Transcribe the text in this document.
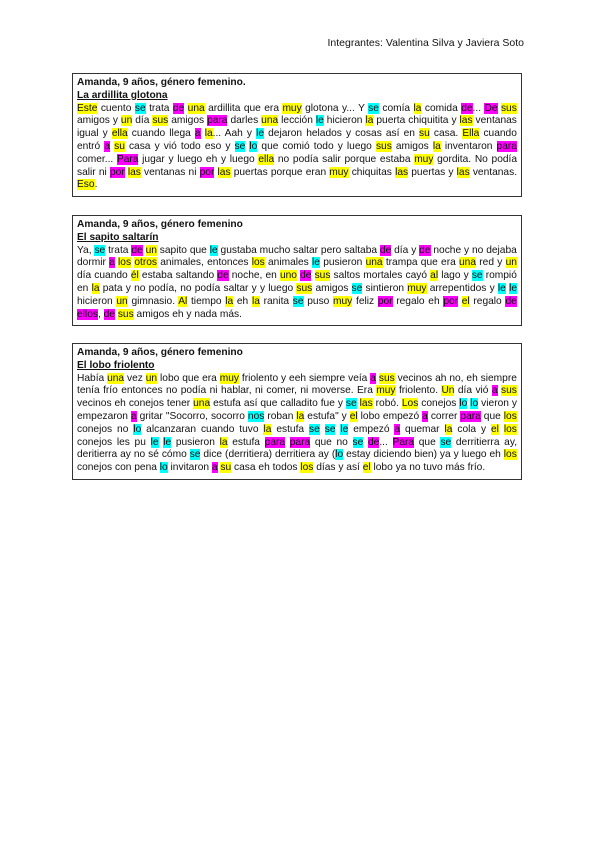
Integrantes: Valentina Silva y Javiera Soto
Amanda, 9 años, género femenino.
La ardillita glotona
Este cuento se trata de una ardillita que era muy glotona y... Y se comía la comida de... De sus amigos y un día sus amigos para darles una lección le hicieron la puerta chiquitita y las ventanas igual y ella cuando llega a la... Aah y le dejaron helados y cosas así en su casa. Ella cuando entró a su casa y vió todo eso y se lo que comió todo y luego sus amigos la inventaron para comer... Para jugar y luego eh y luego ella no podía salir porque estaba muy gordita. No podía salir ni por las ventanas ni por las puertas porque eran muy chiquitas las puertas y las ventanas. Eso.
Amanda, 9 años, género femenino
El sapito saltarín
Ya, se trata de un sapito que le gustaba mucho saltar pero saltaba de día y de noche y no dejaba dormir a los otros animales, entonces los animales le pusieron una trampa que era una red y un día cuando él estaba saltando de noche, en uno de sus saltos mortales cayó al lago y se rompió en la pata y no podía, no podía saltar y y luego sus amigos se sintieron muy arrepentidos y le le hicieron un gimnasio. Al tiempo la eh la ranita se puso muy feliz por regalo eh por el regalo de ellos, de sus amigos eh y nada más.
Amanda, 9 años, género femenino
El lobo friolento
Había una vez un lobo que era muy friolento y eeh siempre veía a sus vecinos ah no, eh siempre tenía frío entonces no podía ni hablar, ni comer, ni moverse. Era muy friolento. Un día vió a sus vecinos eh conejos tener una estufa así que calladito fue y se las robó. Los conejos lo lo vieron y empezaron a gritar "Socorro, socorro nos roban la estufa" y el lobo empezó a correr para que los conejos no lo alcanzaran cuando tuvo la estufa se se le empezó a quemar la cola y el los conejos les pu le le pusieron la estufa para para que no se de... Para que se derritierra ay, deritierra ay no sé cómo se dice (derritiera) derritiera ay (lo estay diciendo bien) ya y luego eh los conejos con pena lo invitaron a su casa eh todos los días y así el lobo ya no tuvo más frío.
